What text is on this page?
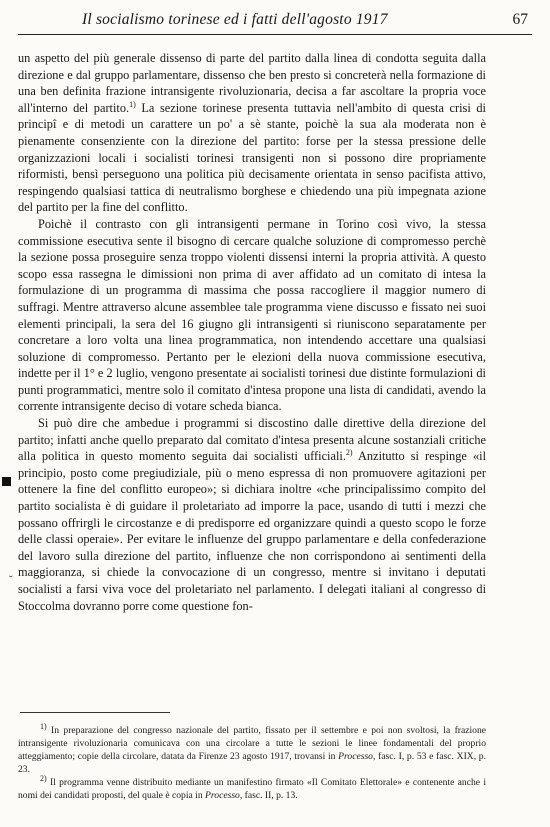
Il socialismo torinese ed i fatti dell'agosto 1917	67

un aspetto del più generale dissenso di parte del partito dalla linea di condotta seguita dalla direzione e dal gruppo parlamentare, dissenso che ben presto si concreterà nella formazione di una ben definita frazione intransigente rivoluzionaria, decisa a far ascoltare la propria voce all'interno del partito.$^{1)}$ La sezione torinese presenta tuttavia nell'ambito di questa crisi di principî e di metodi un carattere un po' a sè stante, poichè la sua ala moderata non è pienamente consenziente con la direzione del partito: forse per la stessa pressione delle organizzazioni locali i socialisti torinesi transigenti non si possono dire propriamente riformisti, bensì perseguono una politica più decisamente orientata in senso pacifista attivo, respingendo qualsiasi tattica di neutralismo borghese e chiedendo una più impegnata azione del partito per la fine del conflitto.

Poichè il contrasto con gli intransigenti permane in Torino così vivo, la stessa commissione esecutiva sente il bisogno di cercare qualche soluzione di compromesso perchè la sezione possa proseguire senza troppo violenti dissensi interni la propria attività. A questo scopo essa rassegna le dimissioni non prima di aver affidato ad un comitato di intesa la formulazione di un programma di massima che possa raccogliere il maggior numero di suffragi. Mentre attraverso alcune assemblee tale programma viene discusso e fissato nei suoi elementi principali, la sera del 16 giugno gli intransigenti si riuniscono separatamente per concretare a loro volta una linea programmatica, non intendendo accettare una qualsiasi soluzione di compromesso. Pertanto per le elezioni della nuova commissione esecutiva, indette per il 1° e 2 luglio, vengono presentate ai socialisti torinesi due distinte formulazioni di punti programmatici, mentre solo il comitato d'intesa propone una lista di candidati, avendo la corrente intransigente deciso di votare scheda bianca.

Si può dire che ambedue i programmi si discostino dalle direttive della direzione del partito; infatti anche quello preparato dal comitato d'intesa presenta alcune sostanziali critiche alla politica in questo momento seguita dai socialisti ufficiali.$^{2)}$ Anzitutto si respinge «il principio, posto come pregiudiziale, più o meno espressa di non promuovere agitazioni per ottenere la fine del conflitto europeo»; si dichiara inoltre «che principalissimo compito del partito socialista è di guidare il proletariato ad imporre la pace, usando di tutti i mezzi che possano offrirgli le circostanze e di predisporre ed organizzare quindi a questo scopo le forze delle classi operaie». Per evitare le influenze del gruppo parlamentare e della confederazione del lavoro sulla direzione del partito, influenze che non corrispondono ai sentimenti della maggioranza, si chiede la convocazione di un congresso, mentre si invitano i deputati socialisti a farsi viva voce del proletariato nel parlamento. I delegati italiani al congresso di Stoccolma dovranno porre come questione fon-

˘

$^{1)}$ In preparazione del congresso nazionale del partito, fissato per il settembre e poi non svoltosi, la frazione intransigente rivoluzionaria comunicava con una circolare a tutte le sezioni le linee fondamentali del proprio atteggiamento; copie della circolare, datata da Firenze 23 agosto 1917, trovansi in Processo, fasc. I, p. 53 e fasc. XIX, p. 23.

$^{2)}$ Il programma venne distribuito mediante un manifestino firmato «Il Comitato Elettorale» e contenente anche i nomi dei candidati proposti, del quale è copia in Processo, fasc. II, p. 13.
